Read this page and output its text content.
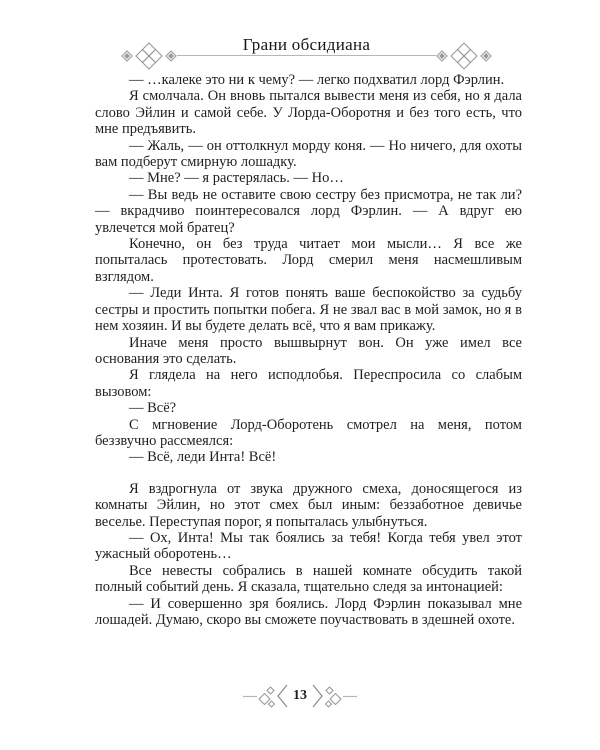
Грани обсидиана

— …калеке это ни к чему? — легко подхватил лорд Фэрлин.

Я смолчала. Он вновь пытался вывести меня из себя, но я дала слово Эйлин и самой себе. У Лорда-Оборотня и без того есть, что мне предъявить.

— Жаль, — он оттолкнул морду коня. — Но ничего, для охоты вам подберут смирную лошадку.

— Мне? — я растерялась. — Но…

— Вы ведь не оставите свою сестру без присмотра, не так ли? — вкрадчиво поинтересовался лорд Фэрлин. — А вдруг ею увлечется мой братец?

Конечно, он без труда читает мои мысли… Я все же попыталась протестовать. Лорд смерил меня насмешливым взглядом.

— Леди Инта. Я готов понять ваше беспокойство за судьбу сестры и простить попытки побега. Я не звал вас в мой замок, но я в нем хозяин. И вы будете делать всё, что я вам прикажу.

Иначе меня просто вышвырнут вон. Он уже имел все основания это сделать.

Я глядела на него исподлобья. Переспросила со слабым вызовом:

— Всё?

С мгновение Лорд-Оборотень смотрел на меня, потом беззвучно рассмеялся:

— Всё, леди Инта! Всё!

Я вздрогнула от звука дружного смеха, доносящегося из комнаты Эйлин, но этот смех был иным: беззаботное девичье веселье. Переступая порог, я попыталась улыбнуться.

— Ох, Инта! Мы так боялись за тебя! Когда тебя увел этот ужасный оборотень…

Все невесты собрались в нашей комнате обсудить такой полный событий день. Я сказала, тщательно следя за интонацией:

— И совершенно зря боялись. Лорд Фэрлин показывал мне лошадей. Думаю, скоро вы сможете поучаствовать в здешней охоте.

13
